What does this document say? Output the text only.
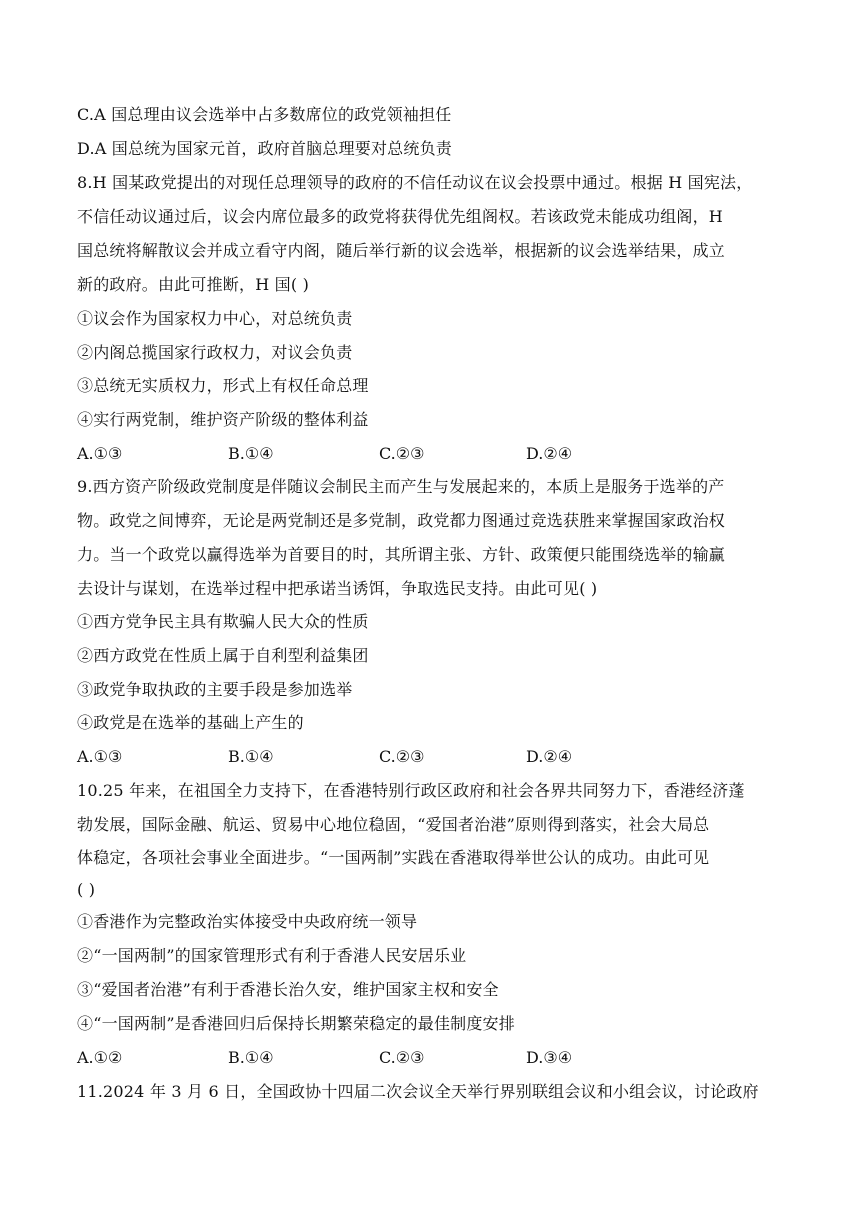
C.A 国总理由议会选举中占多数席位的政党领袖担任
D.A 国总统为国家元首，政府首脑总理要对总统负责
8.H 国某政党提出的对现任总理领导的政府的不信任动议在议会投票中通过。根据 H 国宪法，
不信任动议通过后，议会内席位最多的政党将获得优先组阁权。若该政党未能成功组阁，H
国总统将解散议会并成立看守内阁，随后举行新的议会选举，根据新的议会选举结果，成立
新的政府。由此可推断，H 国( )
①议会作为国家权力中心，对总统负责
②内阁总揽国家行政权力，对议会负责
③总统无实质权力，形式上有权任命总理
④实行两党制，维护资产阶级的整体利益
A.①③	B.①④	C.②③	D.②④
9.西方资产阶级政党制度是伴随议会制民主而产生与发展起来的，本质上是服务于选举的产
物。政党之间博弈，无论是两党制还是多党制，政党都力图通过竞选获胜来掌握国家政治权
力。当一个政党以赢得选举为首要目的时，其所谓主张、方针、政策便只能围绕选举的输赢
去设计与谋划，在选举过程中把承诺当诱饵，争取选民支持。由此可见( )
①西方党争民主具有欺骗人民大众的性质
②西方政党在性质上属于自利型利益集团
③政党争取执政的主要手段是参加选举
④政党是在选举的基础上产生的
A.①③	B.①④	C.②③	D.②④
10.25 年来，在祖国全力支持下，在香港特别行政区政府和社会各界共同努力下，香港经济蓬
勃发展，国际金融、航运、贸易中心地位稳固，“爱国者治港”原则得到落实，社会大局总
体稳定，各项社会事业全面进步。“一国两制”实践在香港取得举世公认的成功。由此可见
( )
①香港作为完整政治实体接受中央政府统一领导
②“一国两制”的国家管理形式有利于香港人民安居乐业
③“爱国者治港”有利于香港长治久安，维护国家主权和安全
④“一国两制”是香港回归后保持长期繁荣稳定的最佳制度安排
A.①②	B.①④	C.②③	D.③④
11.2024 年 3 月 6 日，全国政协十四届二次会议全天举行界别联组会议和小组会议，讨论政府
